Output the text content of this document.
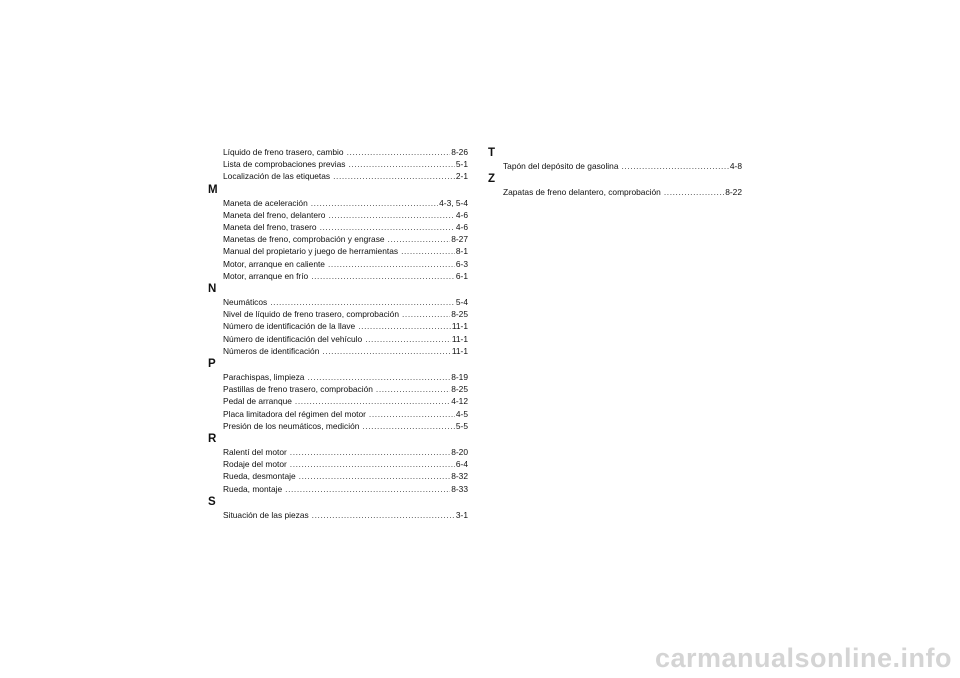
Líquido de freno trasero, cambio .....	8-26
Lista de comprobaciones previas .....	5-1
Localización de las etiquetas .....	2-1
M
Maneta de aceleración .....	4-3, 5-4
Maneta del freno, delantero .....	4-6
Maneta del freno, trasero .....	4-6
Manetas de freno, comprobación y engrase .....	8-27
Manual del propietario y juego de herramientas .....	8-1
Motor, arranque en caliente .....	6-3
Motor, arranque en frío .....	6-1
N
Neumáticos .....	5-4
Nivel de líquido de freno trasero, comprobación .....	8-25
Número de identificación de la llave .....	11-1
Número de identificación del vehículo .....	11-1
Números de identificación .....	11-1
P
Parachispas, limpieza .....	8-19
Pastillas de freno trasero, comprobación .....	8-25
Pedal de arranque .....	4-12
Placa limitadora del régimen del motor .....	4-5
Presión de los neumáticos, medición .....	5-5
R
Ralentí del motor .....	8-20
Rodaje del motor .....	6-4
Rueda, desmontaje .....	8-32
Rueda, montaje .....	8-33
S
Situación de las piezas .....	3-1
T
Tapón del depósito de gasolina .....	4-8
Z
Zapatas de freno delantero, comprobación .....	8-22
carmanualsonline.info
